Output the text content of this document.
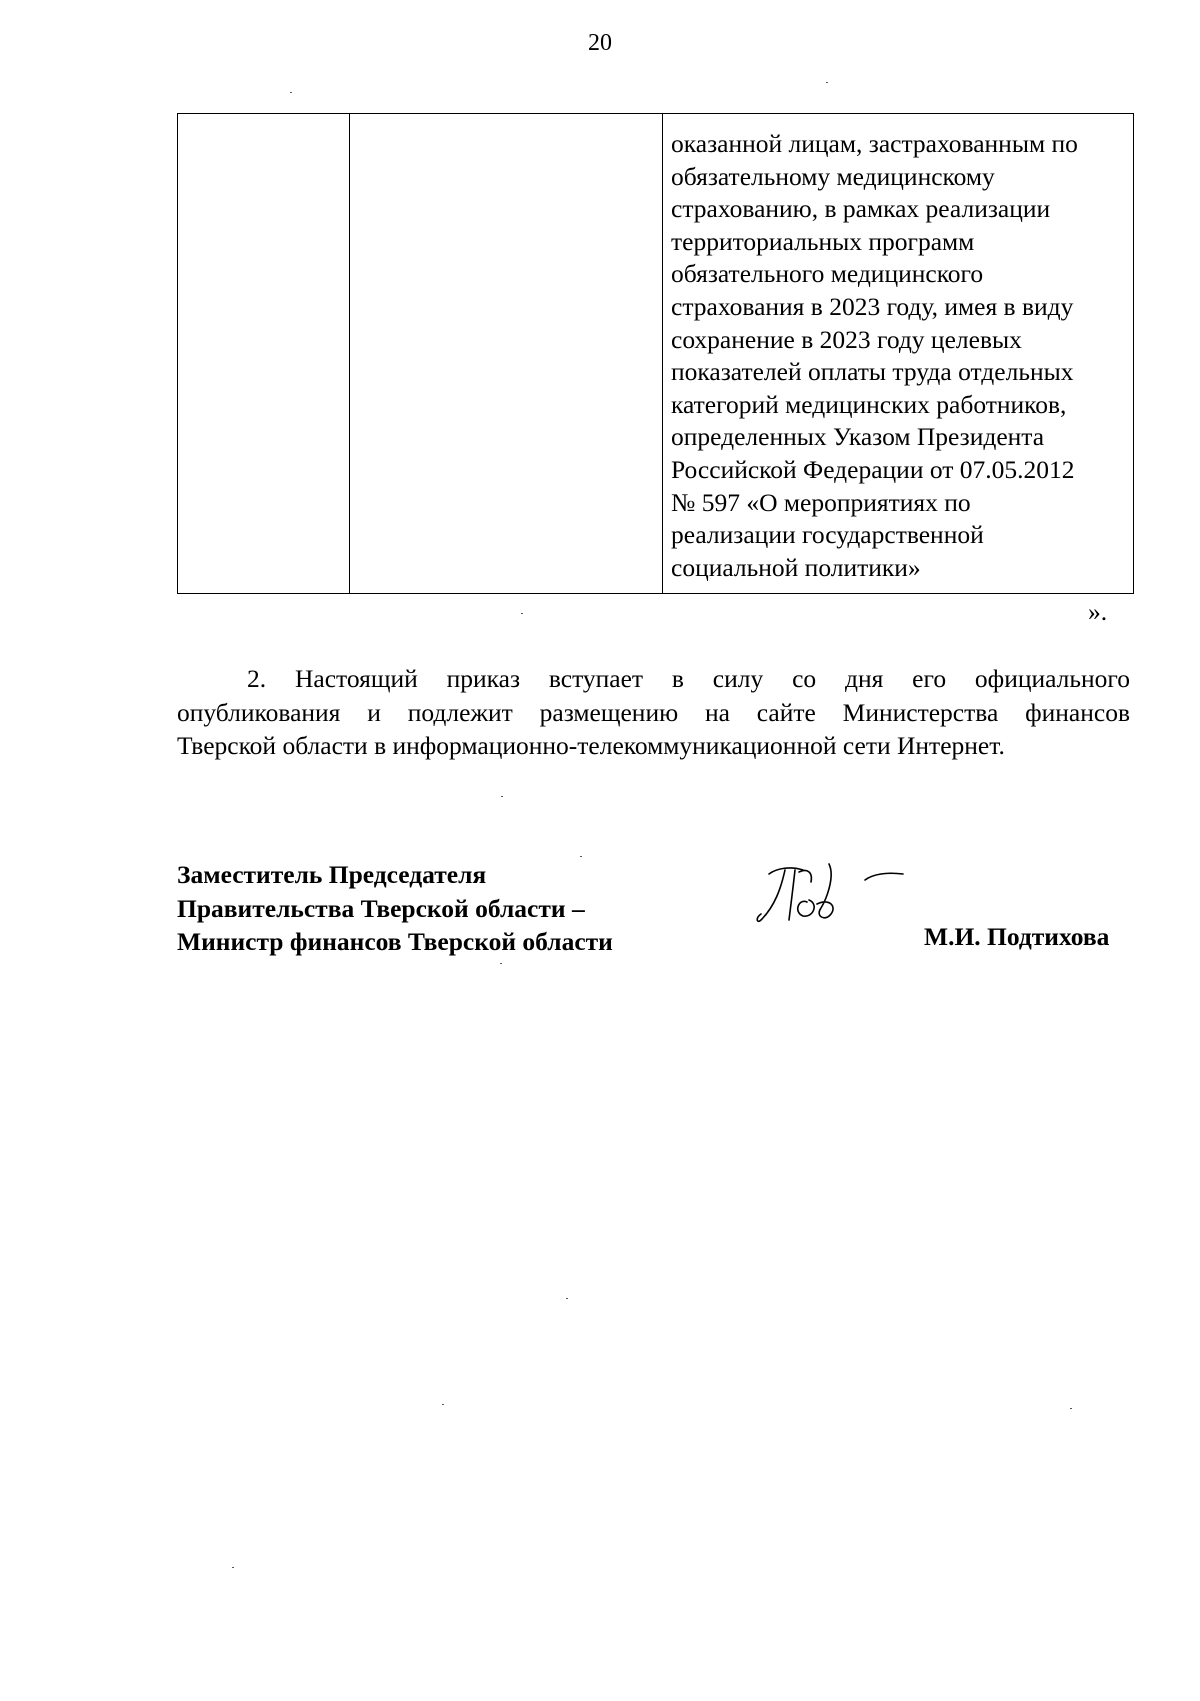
20

оказанной лицам, застрахованным по
обязательному медицинскому
страхованию, в рамках реализации
территориальных программ
обязательного медицинского
страхования в 2023 году, имея в виду
сохранение в 2023 году целевых
показателей оплаты труда отдельных
категорий медицинских работников,
определенных Указом Президента
Российской Федерации от 07.05.2012
№ 597 «О мероприятиях по
реализации государственной
социальной политики»
».
2. Настоящий приказ вступает в силу со дня его официального
опубликования и подлежит размещению на сайте Министерства финансов
Тверской области в информационно-телекоммуникационной сети Интернет.
Заместитель Председателя
Правительства Тверской области –
Министр финансов Тверской области	М.И. Подтихова
